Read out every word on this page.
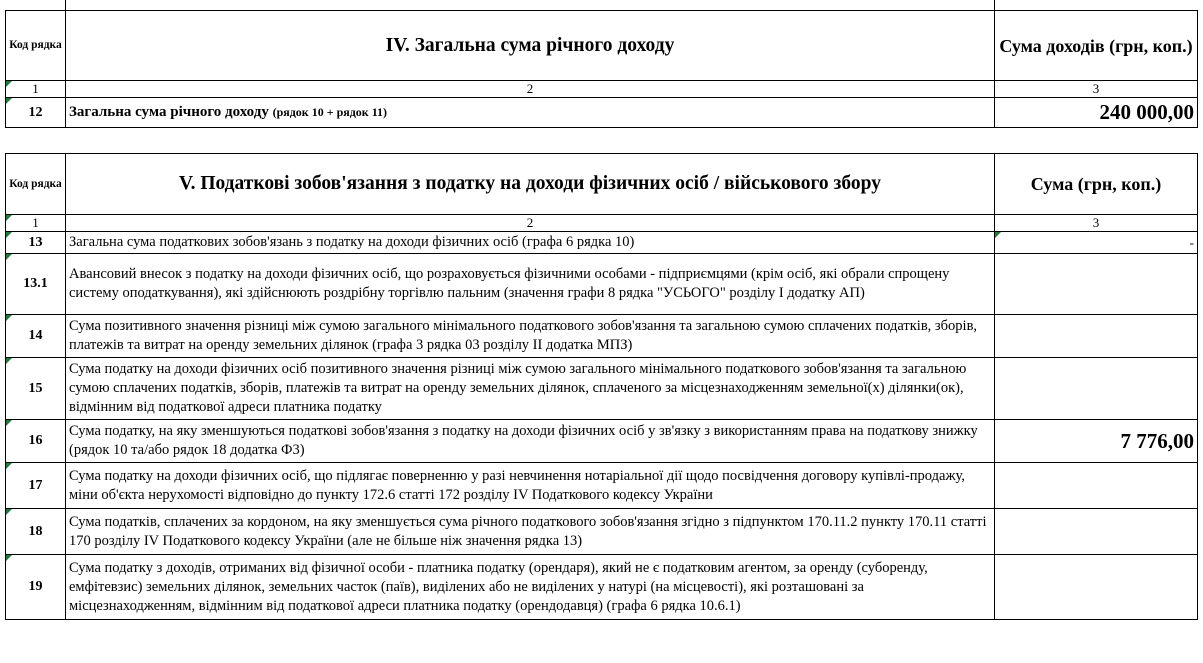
Код рядка	IV. Загальна сума річного доходу	Сума доходів (грн, коп.)
1	2	3
12	Загальна сума річного доходу (рядок 10 + рядок 11)	240 000,00
Код рядка	V. Податкові зобов'язання з податку на доходи фізичних осіб / військового збору	Сума (грн, коп.)
1	2	3
13	Загальна сума податкових зобов'язань з податку на доходи фізичних осіб (графа 6 рядка 10)	-
13.1	Авансовий внесок з податку на доходи фізичних осіб, що розраховується фізичними особами - підприємцями (крім осіб, які обрали спрощену систему оподаткування), які здійснюють роздрібну торгівлю пальним (значення графи 8 рядка "УСЬОГО" розділу І додатку АП)	
14	Сума позитивного значення різниці між сумою загального мінімального податкового зобов'язання та загальною сумою сплачених податків, зборів, платежів та витрат на оренду земельних ділянок (графа 3 рядка 03 розділу ІІ додатка МПЗ)	
15	Сума податку на доходи фізичних осіб позитивного значення різниці між сумою загального мінімального податкового зобов'язання та загальною сумою сплачених податків, зборів, платежів та витрат на оренду земельних ділянок, сплаченого за місцезнаходженням земельної(х) ділянки(ок), відмінним від податкової адреси платника податку	
16	Сума податку, на яку зменшуються податкові зобов'язання з податку на доходи фізичних осіб у зв'язку з використанням права на податкову знижку (рядок 10 та/або рядок 18 додатка Ф3)	7 776,00
17	Сума податку на доходи фізичних осіб, що підлягає поверненню у разі невчинення нотаріальної дії щодо посвідчення договору купівлі-продажу, міни об'єкта нерухомості відповідно до пункту 172.6 статті 172 розділу IV Податкового кодексу України	
18	Сума податків, сплачених за кордоном, на яку зменшується сума річного податкового зобов'язання згідно з підпунктом 170.11.2 пункту 170.11 статті 170 розділу IV Податкового кодексу України (але не більше ніж значення рядка 13)	
19	Сума податку з доходів, отриманих від фізичної особи - платника податку (орендаря), який не є податковим агентом, за оренду (суборенду, емфітевзис) земельних ділянок, земельних часток (паїв), виділених або не виділених у натурі (на місцевості), які розташовані за місцезнаходженням, відмінним від податкової адреси платника податку (орендодавця) (графа 6 рядка 10.6.1)	
